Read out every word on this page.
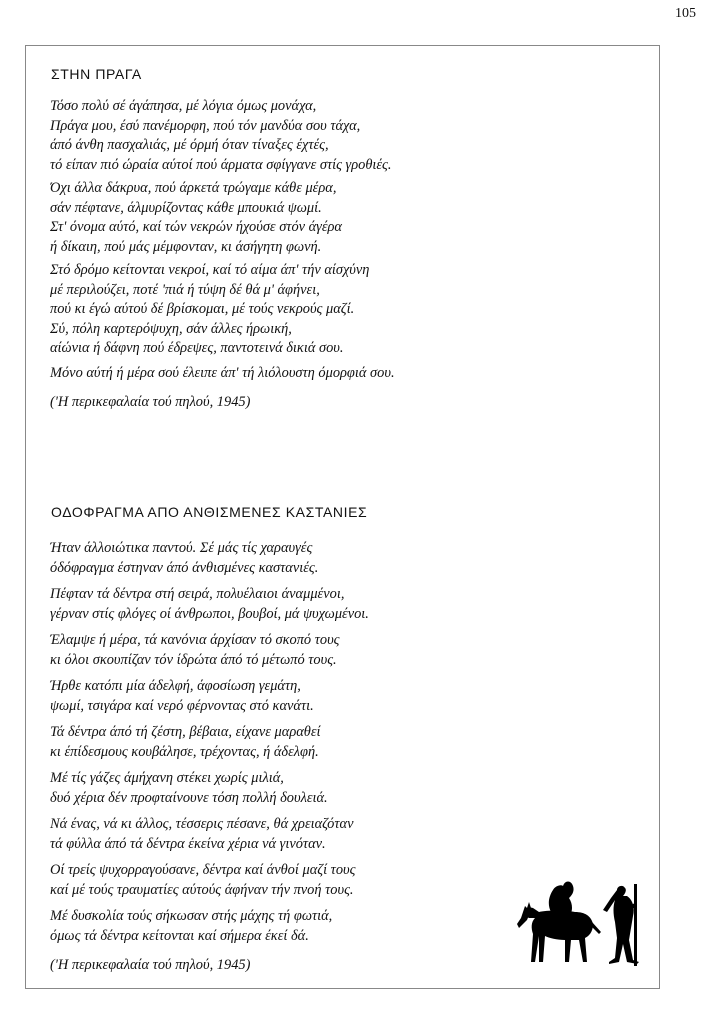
105
ΣΤΗΝ ΠΡΑΓΑ
Τόσο πολύ σέ άγάπησα, μέ λόγια όμως μονάχα,
Πράγα μου, έσύ πανέμορφη, πού τόν μανδύα σου τάχα,
άπό άνθη πασχαλιάς, μέ όρμή όταν τίναξες έχτές,
τό είπαν πιό ώραία αύτοί πού άρματα σφίγγανε στίς γροθιές.
Όχι άλλα δάκρυα, πού άρκετά τρώγαμε κάθε μέρα,
σάν πέφτανε, άλμυρίζοντας κάθε μπουκιά ψωμί.
Στ' όνομα αύτό, καί τών νεκρών ήχούσε στόν άγέρα
ή δίκαιη, πού μάς μέμφονταν, κι άσήγητη φωνή.
Στό δρόμο κείτονται νεκροί, καί τό αίμα άπ' τήν αίσχύνη
μέ περιλούζει, ποτέ 'πιά ή τύψη δέ θά μ' άφήνει,
πού κι έγώ αύτού δέ βρίσκομαι, μέ τούς νεκρούς μαζί.
Σύ, πόλη καρτερόψυχη, σάν άλλες ήρωική,
αίώνια ή δάφνη πού έδρεψες, παντοτεινά δικιά σου.
Μόνο αύτή ή μέρα σού έλειπε άπ' τή λιόλουστη όμορφιά σου.
('Η περικεφαλαία τού πηλού, 1945)
ΟΔΟΦΡΑΓΜΑ ΑΠΟ ΑΝΘΙΣΜΕΝΕΣ ΚΑΣΤΑΝΙΕΣ
Ήταν άλλοιώτικα παντού. Σέ μάς τίς χαραυγές
όδόφραγμα έστηναν άπό άνθισμένες καστανιές.
Πέφταν τά δέντρα στή σειρά, πολυέλαιοι άναμμένοι,
γέρναν στίς φλόγες οί άνθρωποι, βουβοί, μά ψυχωμένοι.
Έλαμψε ή μέρα, τά κανόνια άρχίσαν τό σκοπό τους
κι όλοι σκουπίζαν τόν ίδρώτα άπό τό μέτωπό τους.
Ήρθε κατόπι μία άδελφή, άφοσίωση γεμάτη,
ψωμί, τσιγάρα καί νερό φέρνοντας στό κανάτι.
Τά δέντρα άπό τή ζέστη, βέβαια, είχανε μαραθεί
κι έπίδεσμους κουβάλησε, τρέχοντας, ή άδελφή.
Μέ τίς γάζες άμήχανη στέκει χωρίς μιλιά,
δυό χέρια δέν προφταίνουνε τόση πολλή δουλειά.
Νά ένας, νά κι άλλος, τέσσερις πέσανε, θά χρειαζόταν
τά φύλλα άπό τά δέντρα έκείνα χέρια νά γινόταν.
Οί τρείς ψυχορραγούσανε, δέντρα καί άνθοί μαζί τους
καί μέ τούς τραυματίες αύτούς άφήναν τήν πνοή τους.
Μέ δυσκολία τούς σήκωσαν στής μάχης τή φωτιά,
όμως τά δέντρα κείτονται καί σήμερα έκεί δά.
('Η περικεφαλαία τού πηλού, 1945)
